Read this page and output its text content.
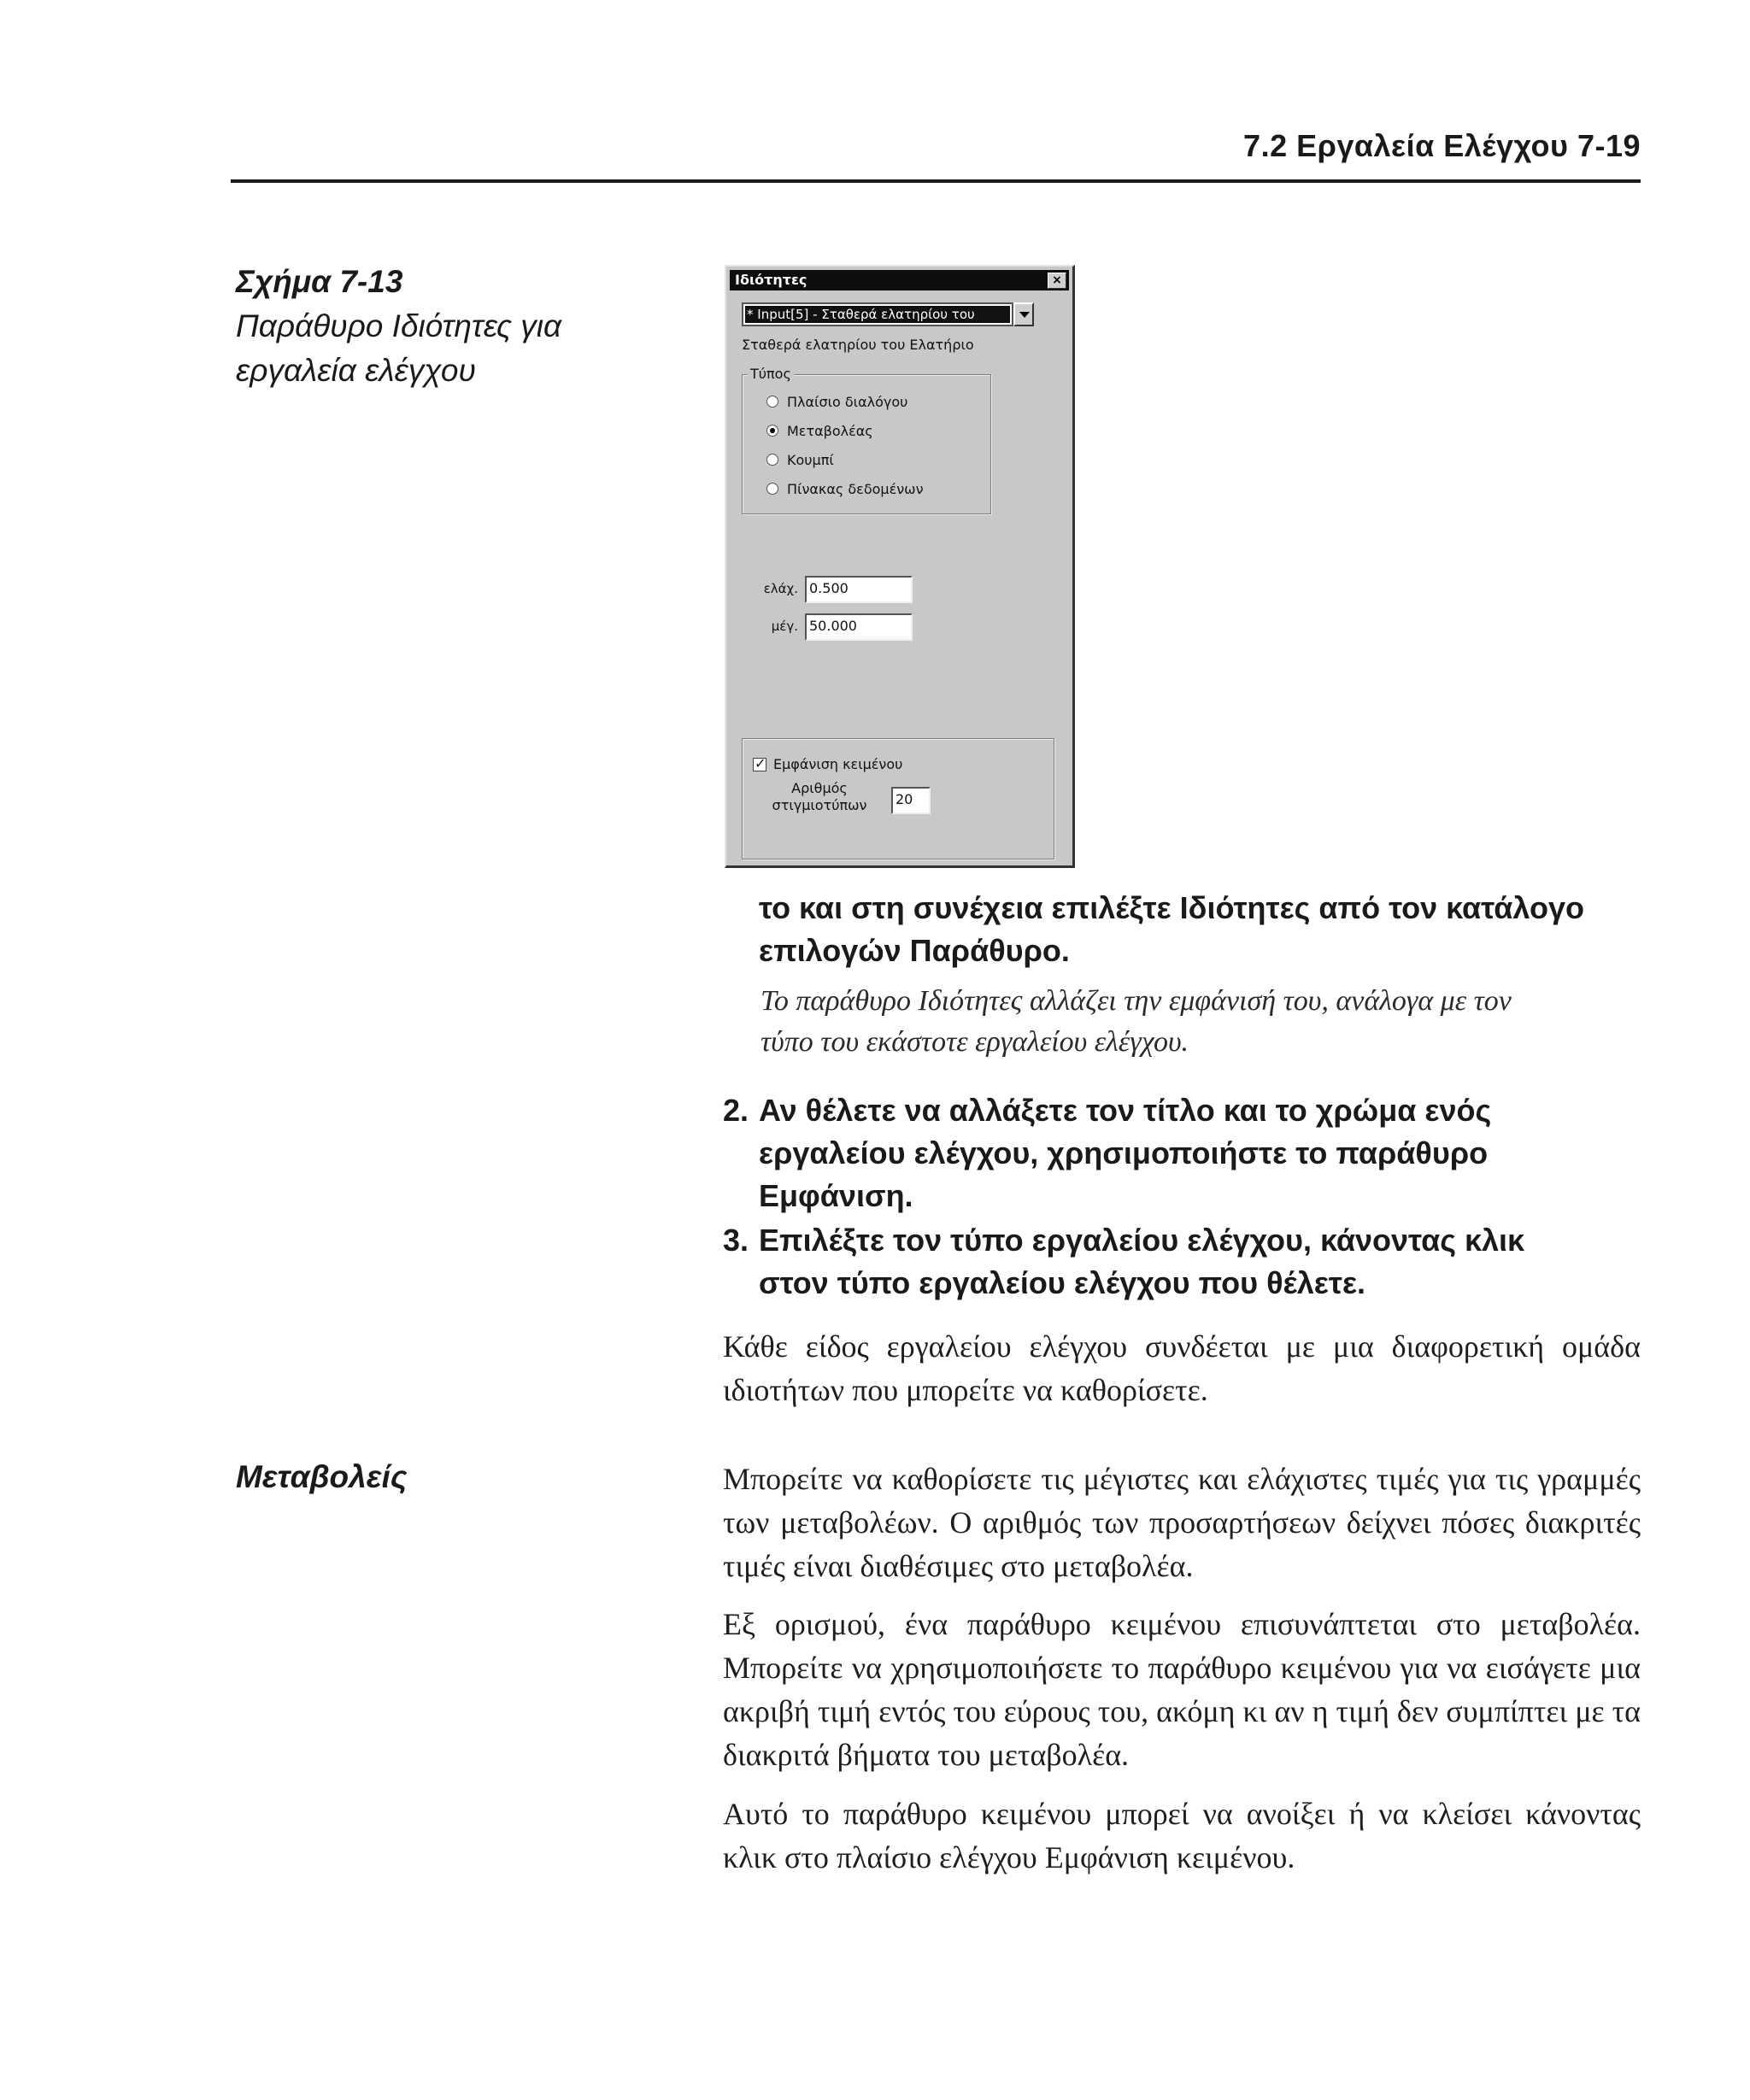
7.2 Εργαλεία Ελέγχου 7-19
Σχήμα 7-13
Παράθυρο Ιδιότητες για
εργαλεία ελέγχου
Ιδιότητες	×
* Input[5] - Σταθερά ελατηρίου του
Σταθερά ελατηρίου του Ελατήριο
Τύπος
Πλαίσιο διαλόγου
Μεταβολέας
Κουμπί
Πίνακας δεδομένων
ελάχ. 0.500
μέγ. 50.000
✓ Εμφάνιση κειμένου
Αριθμός
στιγμιοτύπων	20
το και στη συνέχεια επιλέξτε Ιδιότητες από τον κατάλογο
επιλογών Παράθυρο.
Το παράθυρο Ιδιότητες αλλάζει την εμφάνισή του, ανάλογα με τον
τύπο του εκάστοτε εργαλείου ελέγχου.
2. Αν θέλετε να αλλάξετε τον τίτλο και το χρώμα ενός
εργαλείου ελέγχου, χρησιμοποιήστε το παράθυρο
Εμφάνιση.
3. Επιλέξτε τον τύπο εργαλείου ελέγχου, κάνοντας κλικ
στον τύπο εργαλείου ελέγχου που θέλετε.
Κάθε είδος εργαλείου ελέγχου συνδέεται με μια διαφορετική ομάδα ιδιοτήτων που μπορείτε να καθορίσετε.
Μεταβολείς	Μπορείτε να καθορίσετε τις μέγιστες και ελάχιστες τιμές για τις γραμμές των μεταβολέων. Ο αριθμός των προσαρτήσεων δείχνει πόσες διακριτές τιμές είναι διαθέσιμες στο μεταβολέα.
Εξ ορισμού, ένα παράθυρο κειμένου επισυνάπτεται στο μεταβολέα. Μπορείτε να χρησιμοποιήσετε το παράθυρο κειμένου για να εισάγετε μια ακριβή τιμή εντός του εύρους του, ακόμη κι αν η τιμή δεν συμπίπτει με τα διακριτά βήματα του μεταβολέα.
Αυτό το παράθυρο κειμένου μπορεί να ανοίξει ή να κλείσει κάνοντας κλικ στο πλαίσιο ελέγχου Εμφάνιση κειμένου.
